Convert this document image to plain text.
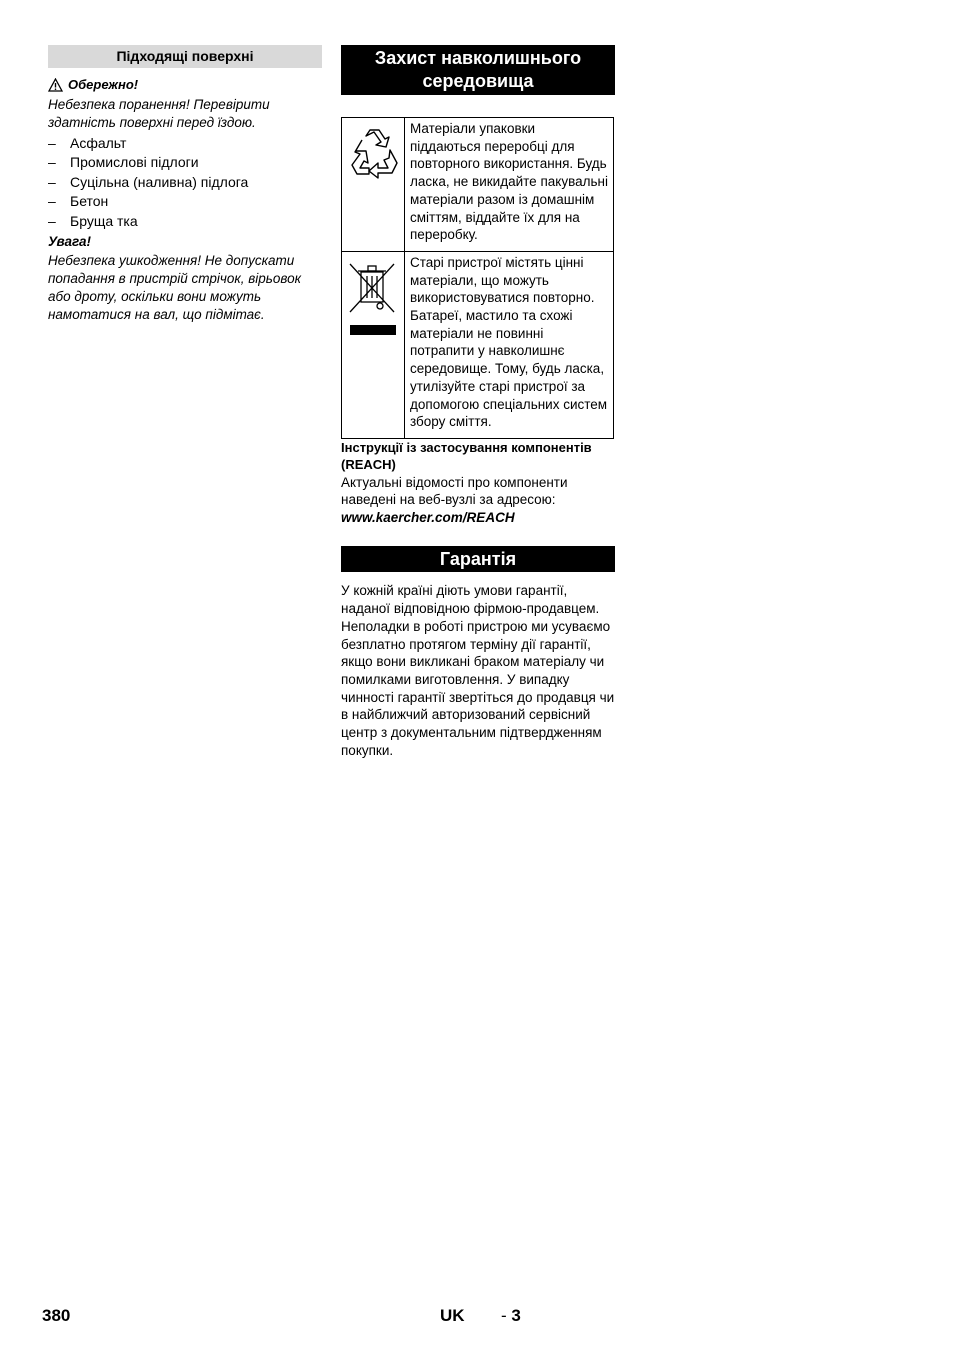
Підходящі поверхні
Обережно!

Небезпека поранення! Перевірити здатність поверхні перед їздою.

– Асфальт
– Промислові підлоги
– Суцільна (наливна) підлога
– Бетон
– Бруща тка
Увага!

Небезпека ушкодження! Не допускати попадання в пристрій стрічок, вірьовок або дроту, оскільки вони можуть намотатися на вал, що підмітає.

Захист навколишнього середовища
	Матеріали упаковки піддаються переробці для повторного використання. Будь ласка, не викидайте пакувальні матеріали разом із домашнім сміттям, віддайте їх для на переробку.
	Старі пристрої містять цінні матеріали, що можуть використовуватися повторно. Батареї, мастило та схожі матеріали не повинні потрапити у навколишнє середовище. Тому, будь ласка, утилізуйте старі пристрої за допомогою спеціальних систем збору сміття.
Інструкції із застосування компонентів (REACH)
Актуальні відомості про компоненти наведені на веб-вузлі за адресою:
www.kaercher.com/REACH
Гарантія
У кожній країні діють умови гарантії, наданої відповідною фірмою-продавцем. Неполадки в роботі пристрою ми усуваємо безплатно протягом терміну дії гарантії, якщо вони викликані браком матеріалу чи помилками виготовлення. У випадку чинності гарантії звертіться до продавця чи в найближчий авторизований сервісний центр з документальним підтвердженням покупки.
380	UK - 3
